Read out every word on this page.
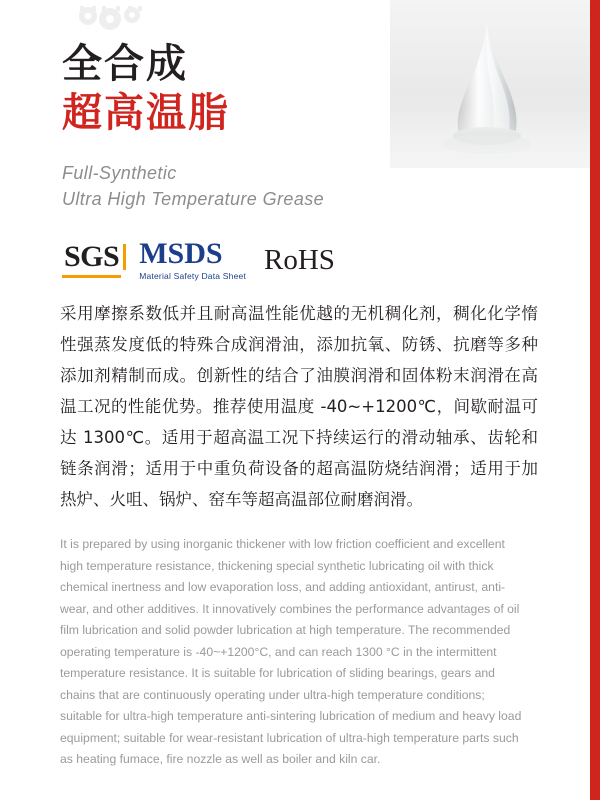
全合成
超高温脂
Full-Synthetic
Ultra High Temperature Grease
SGS MSDS
Material Safety Data Sheet
RoHS
采用摩擦系数低并且耐高温性能优越的无机稠化剂，稠化化学惰性强蒸发度低的特殊合成润滑油，添加抗氧、防锈、抗磨等多种添加剂精制而成。创新性的结合了油膜润滑和固体粉末润滑在高温工况的性能优势。推荐使用温度 -40~+1200℃，间歇耐温可达 1300℃。适用于超高温工况下持续运行的滑动轴承、齿轮和链条润滑；适用于中重负荷设备的超高温防烧结润滑；适用于加热炉、火咀、锅炉、窑车等超高温部位耐磨润滑。
It is prepared by using inorganic thickener with low friction coefficient and excellent high temperature resistance, thickening special synthetic lubricating oil with thick chemical inertness and low evaporation loss, and adding antioxidant, antirust, anti-wear, and other additives. It innovatively combines the performance advantages of oil film lubrication and solid powder lubrication at high temperature. The recommended operating temperature is -40~+1200°C, and can reach 1300 °C in the intermittent temperature resistance. It is suitable for lubrication of sliding bearings, gears and chains that are continuously operating under ultra-high temperature conditions; suitable for ultra-high temperature anti-sintering lubrication of medium and heavy load equipment; suitable for wear-resistant lubrication of ultra-high temperature parts such as heating fumace, fire nozzle as well as boiler and kiln car.
